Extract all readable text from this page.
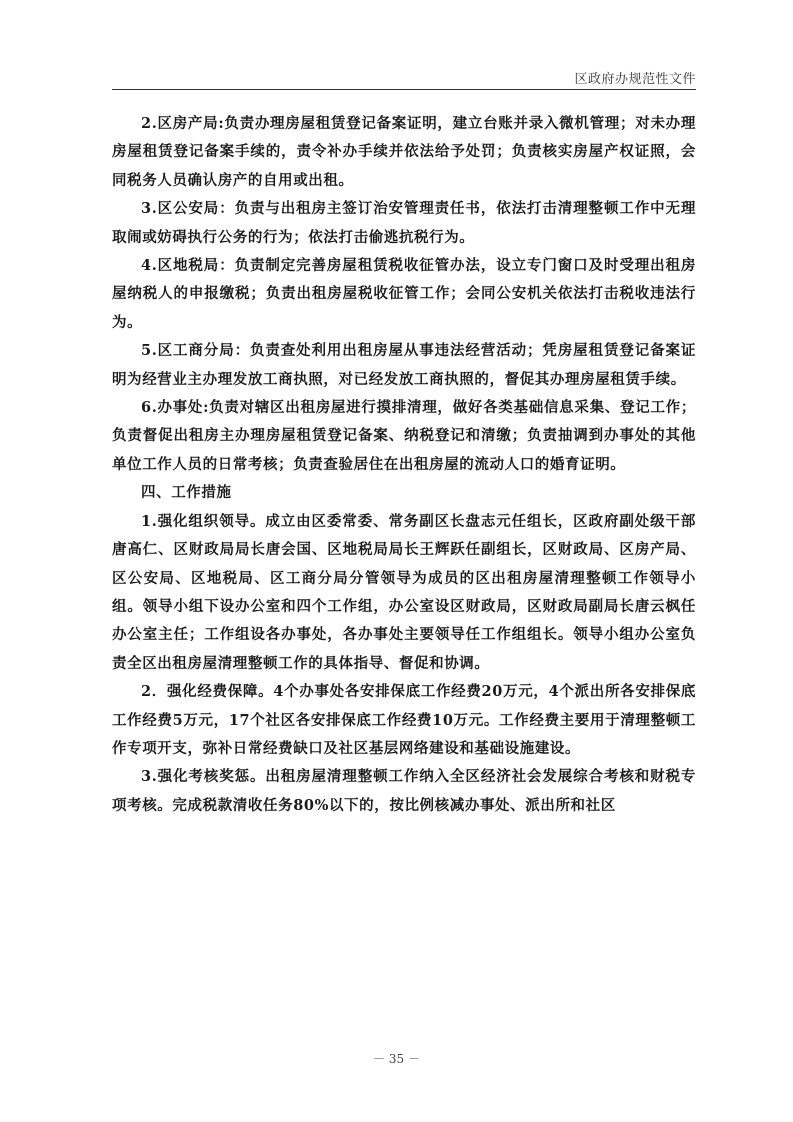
区政府办规范性文件

2.区房产局:负责办理房屋租赁登记备案证明，建立台账并录入微机管理；对未办理房屋租赁登记备案手续的，责令补办手续并依法给予处罚；负责核实房屋产权证照，会同税务人员确认房产的自用或出租。

3.区公安局：负责与出租房主签订治安管理责任书，依法打击清理整顿工作中无理取闹或妨碍执行公务的行为；依法打击偷逃抗税行为。

4.区地税局：负责制定完善房屋租赁税收征管办法，设立专门窗口及时受理出租房屋纳税人的申报缴税；负责出租房屋税收征管工作；会同公安机关依法打击税收违法行为。

5.区工商分局：负责查处利用出租房屋从事违法经营活动；凭房屋租赁登记备案证明为经营业主办理发放工商执照，对已经发放工商执照的，督促其办理房屋租赁手续。

6.办事处:负责对辖区出租房屋进行摸排清理，做好各类基础信息采集、登记工作；负责督促出租房主办理房屋租赁登记备案、纳税登记和清缴；负责抽调到办事处的其他单位工作人员的日常考核；负责查验居住在出租房屋的流动人口的婚育证明。

四、工作措施

1.强化组织领导。成立由区委常委、常务副区长盘志元任组长，区政府副处级干部唐高仁、区财政局局长唐会国、区地税局局长王辉跃任副组长，区财政局、区房产局、区公安局、区地税局、区工商分局分管领导为成员的区出租房屋清理整顿工作领导小组。领导小组下设办公室和四个工作组，办公室设区财政局，区财政局副局长唐云枫任办公室主任；工作组设各办事处，各办事处主要领导任工作组组长。领导小组办公室负责全区出租房屋清理整顿工作的具体指导、督促和协调。

2．强化经费保障。4个办事处各安排保底工作经费20万元，4个派出所各安排保底工作经费5万元，17个社区各安排保底工作经费10万元。工作经费主要用于清理整顿工作专项开支，弥补日常经费缺口及社区基层网络建设和基础设施建设。

3.强化考核奖惩。出租房屋清理整顿工作纳入全区经济社会发展综合考核和财税专项考核。完成税款清收任务80%以下的，按比例核减办事处、派出所和社区

－ 35 －
